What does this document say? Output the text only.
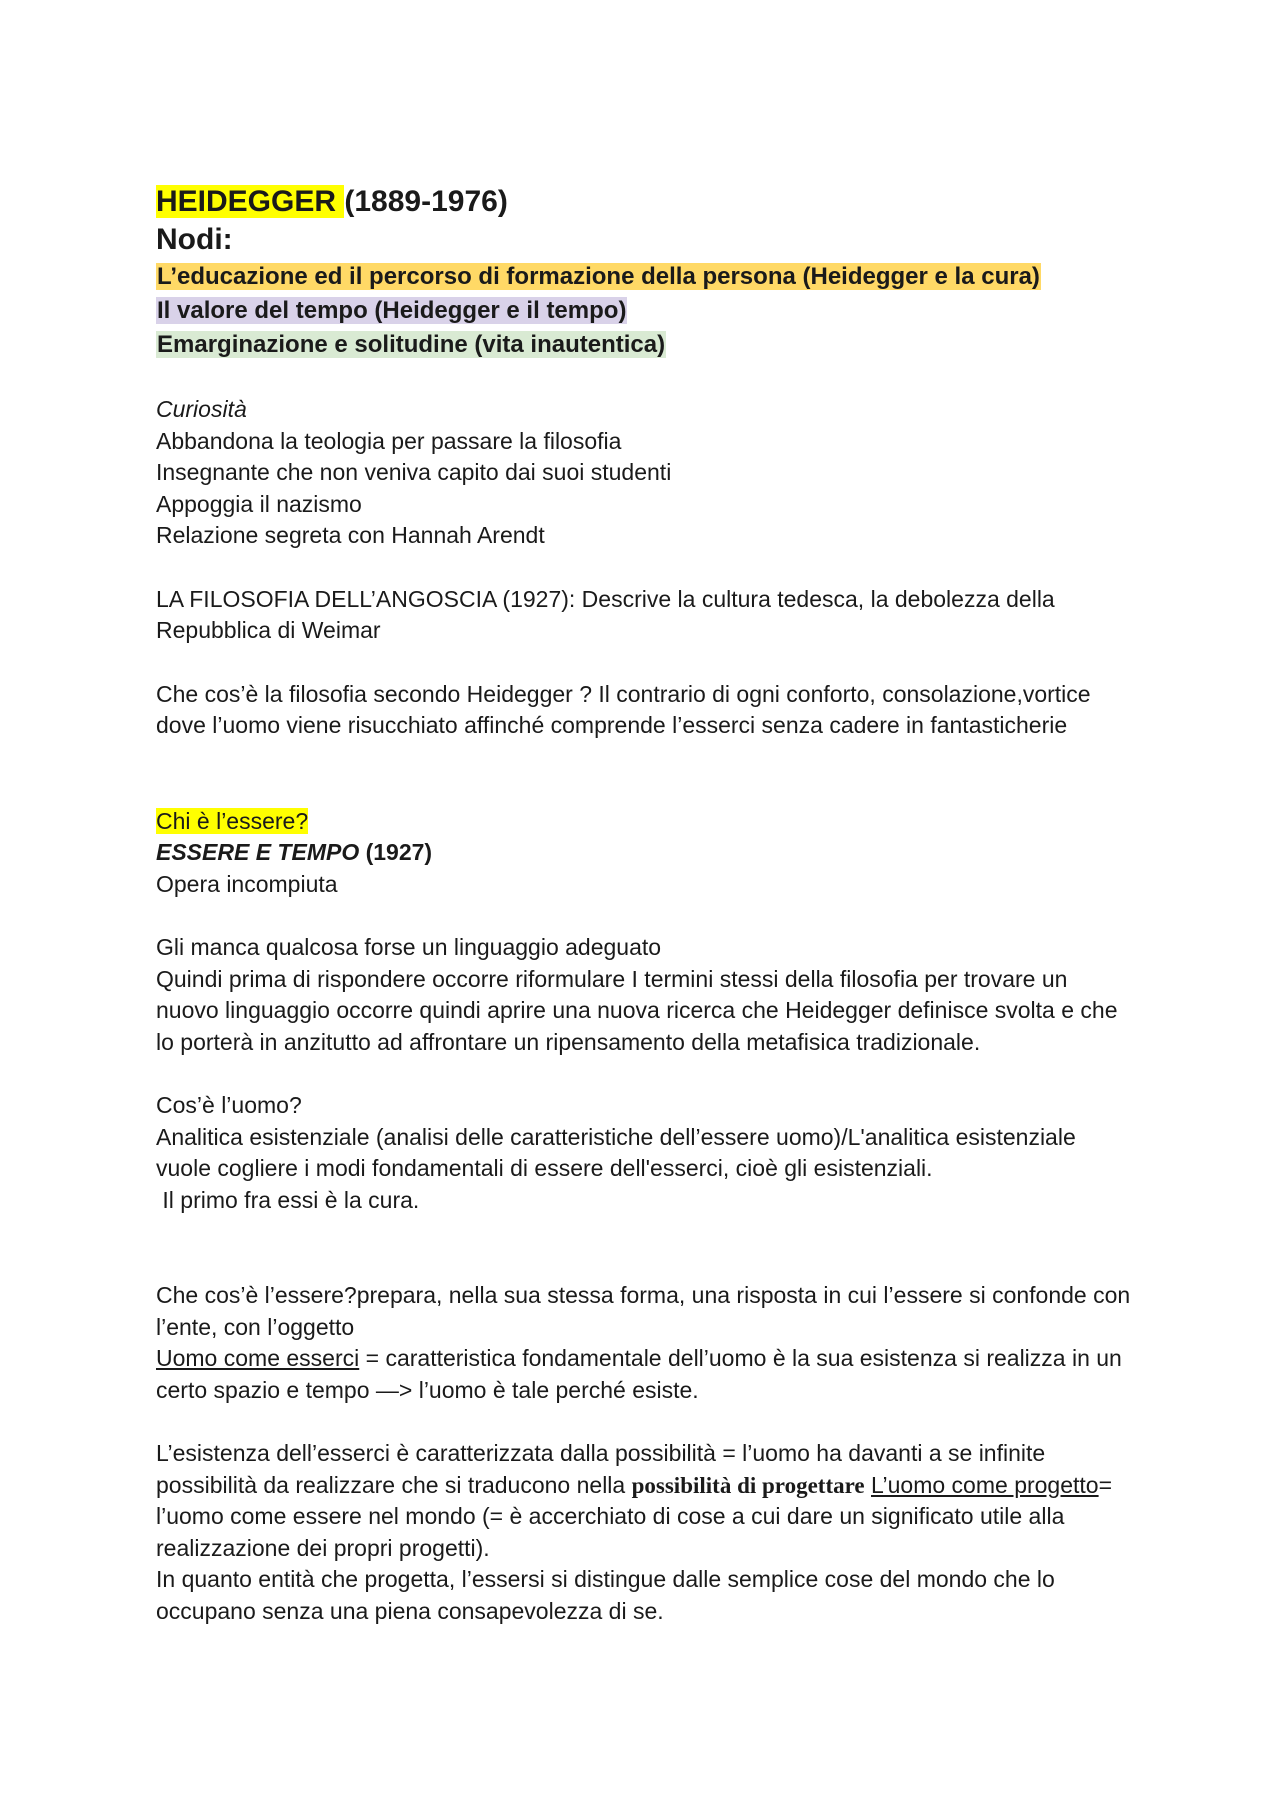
HEIDEGGER (1889-1976)
Nodi:
L’educazione ed il percorso di formazione della persona (Heidegger e la cura)
Il valore del tempo (Heidegger e il tempo)
Emarginazione e solitudine (vita inautentica)
Curiosità
Abbandona la teologia per passare la filosofia
Insegnante che non veniva capito dai suoi studenti
Appoggia il nazismo
Relazione segreta con Hannah Arendt

LA FILOSOFIA DELL’ANGOSCIA (1927): Descrive la cultura tedesca, la debolezza della Repubblica di Weimar

Che cos’è la filosofia secondo Heidegger ? Il contrario di ogni conforto, consolazione,vortice dove l’uomo viene risucchiato affinché comprende l’esserci senza cadere in fantasticherie

Chi è l’essere?
ESSERE E TEMPO (1927)
Opera incompiuta
Gli manca qualcosa forse un linguaggio adeguato

Quindi prima di rispondere occorre riformulare I termini stessi della filosofia per trovare un nuovo linguaggio occorre quindi aprire una nuova ricerca che Heidegger definisce svolta e che lo porterà in anzitutto ad affrontare un ripensamento della metafisica tradizionale.

Cos’è l’uomo?

Analitica esistenziale (analisi delle caratteristiche dell’essere uomo)/L'analitica esistenziale vuole cogliere i modi fondamentali di essere dell'esserci, cioè gli esistenziali.

Il primo fra essi è la cura.

Che cos’è l’essere?prepara, nella sua stessa forma, una risposta in cui l’essere si confonde con l’ente, con l’oggetto

Uomo come esserci = caratteristica fondamentale dell’uomo è la sua esistenza si realizza in un certo spazio e tempo —> l’uomo è tale perché esiste.

L’esistenza dell’esserci è caratterizzata dalla possibilità = l’uomo ha davanti a se infinite possibilità da realizzare che si traducono nella possibilità di progettare L’uomo come progetto= l’uomo come essere nel mondo (= è accerchiato di cose a cui dare un significato utile alla realizzazione dei propri progetti).

In quanto entità che progetta, l’essersi si distingue dalle semplice cose del mondo che lo occupano senza una piena consapevolezza di se.
